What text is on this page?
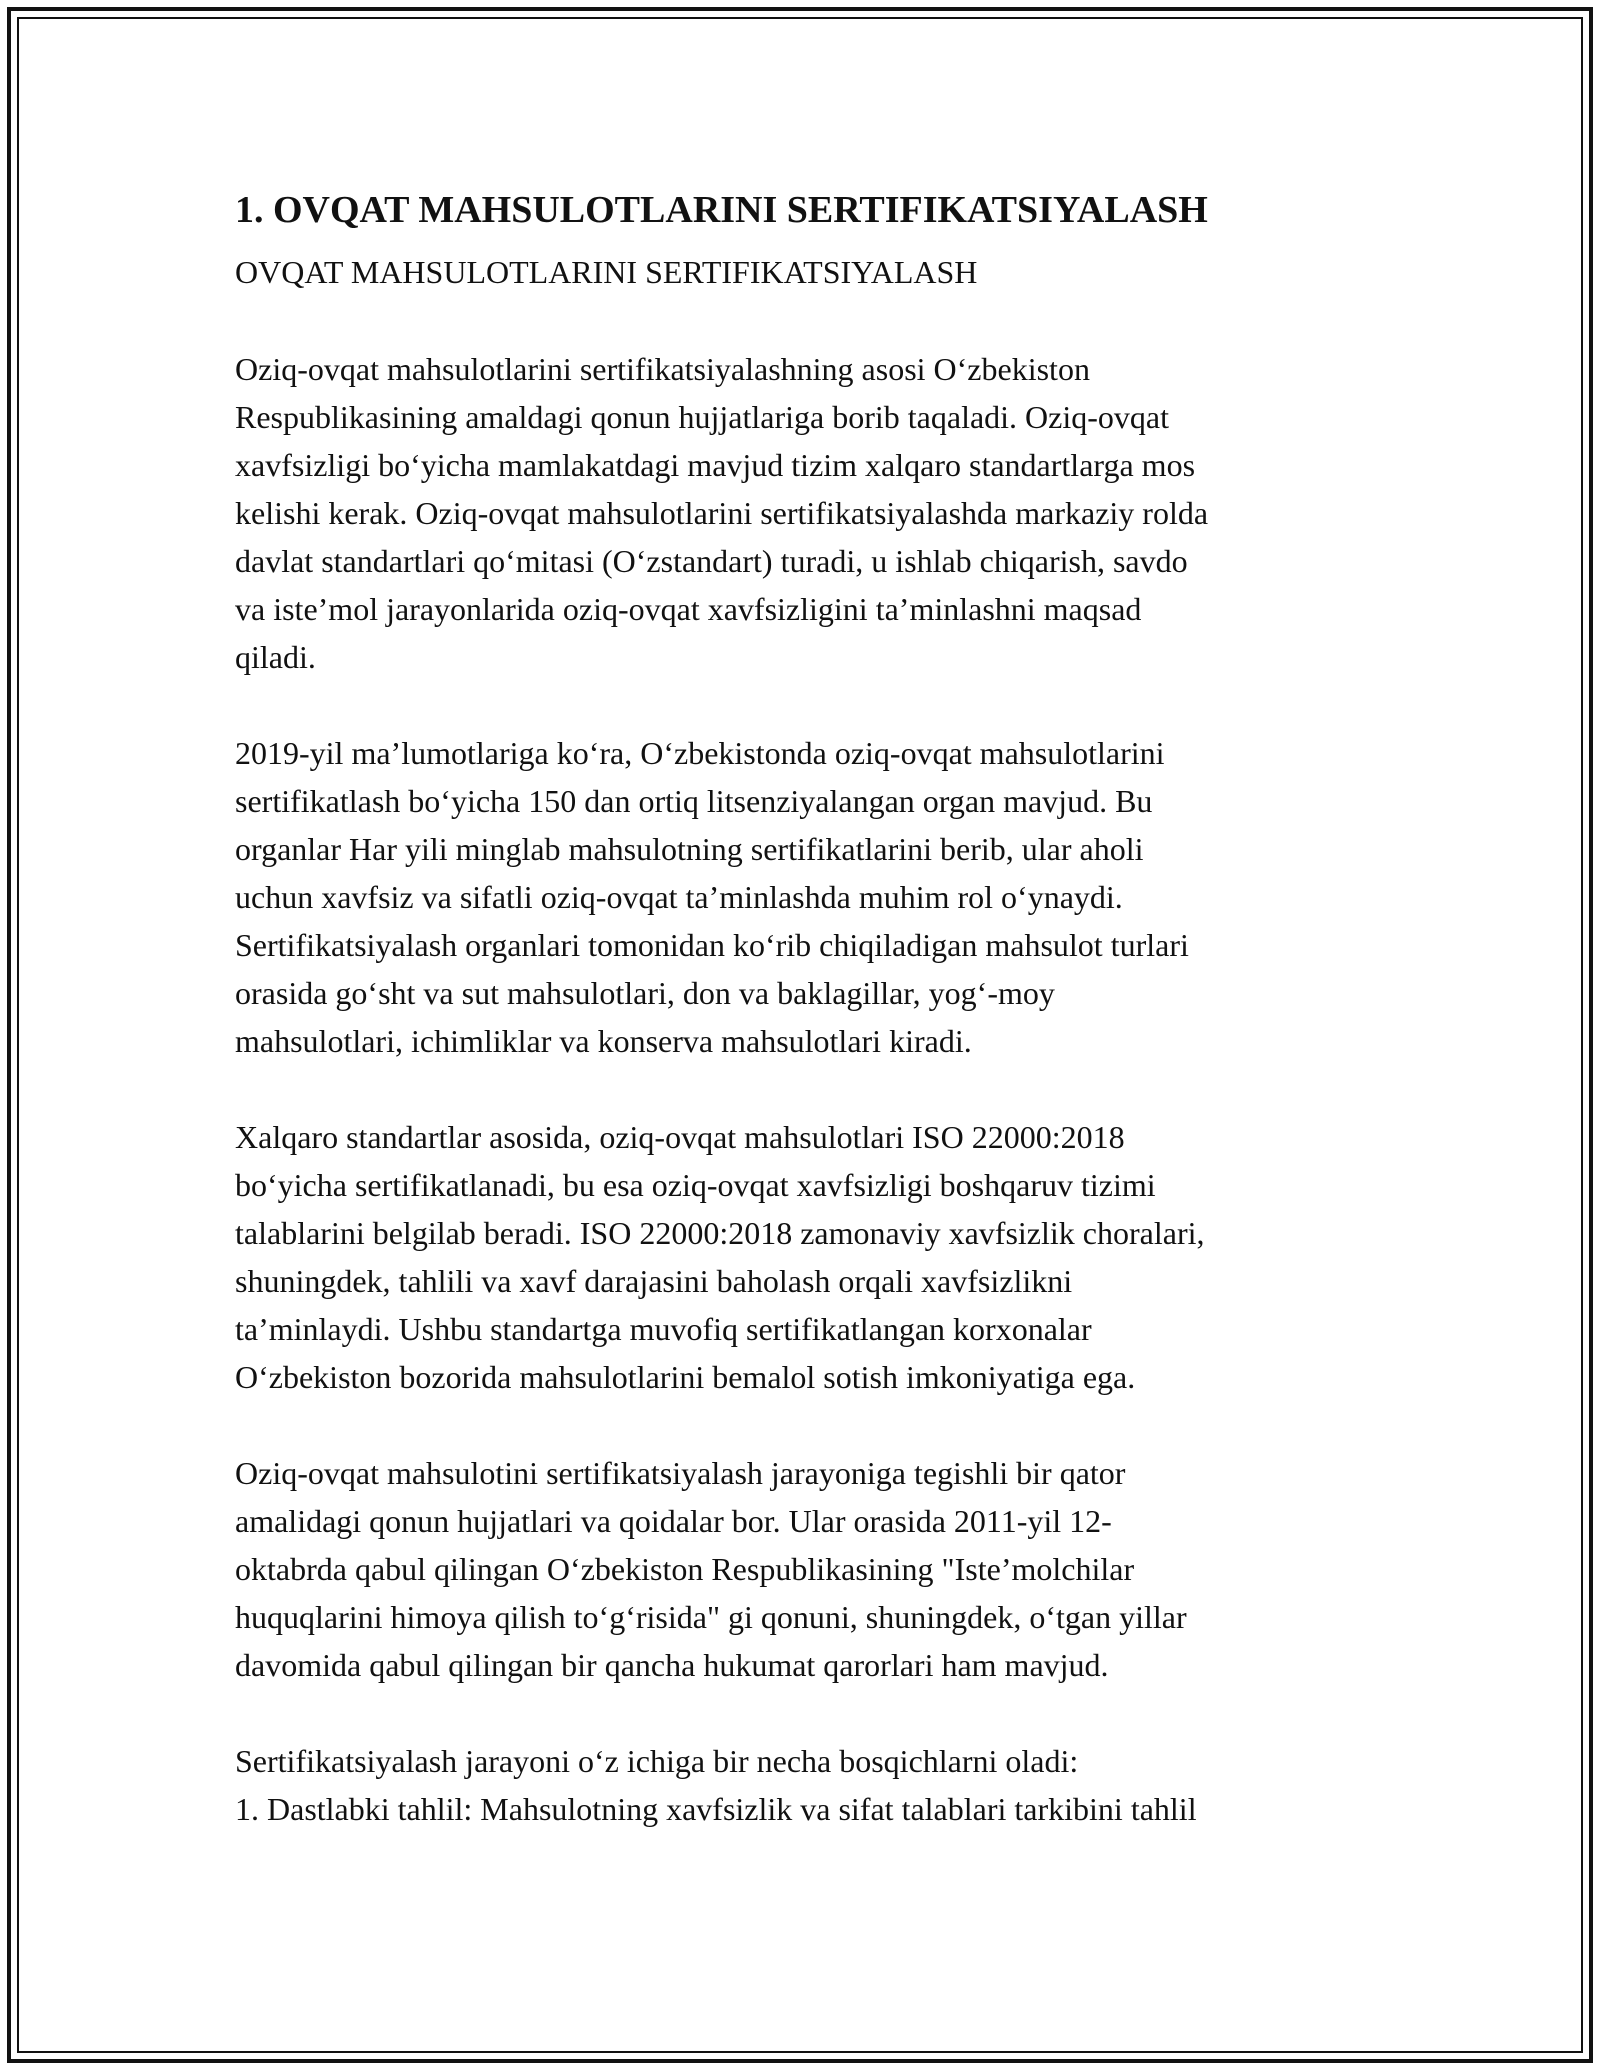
1. OVQAT MAHSULOTLARINI SERTIFIKATSIYALASH
OVQAT MAHSULOTLARINI SERTIFIKATSIYALASH

Oziq-ovqat mahsulotlarini sertifikatsiyalashning asosi O‘zbekiston
Respublikasining amaldagi qonun hujjatlariga borib taqaladi. Oziq-ovqat
xavfsizligi bo‘yicha mamlakatdagi mavjud tizim xalqaro standartlarga mos
kelishi kerak. Oziq-ovqat mahsulotlarini sertifikatsiyalashda markaziy rolda
davlat standartlari qo‘mitasi (O‘zstandart) turadi, u ishlab chiqarish, savdo
va iste’mol jarayonlarida oziq-ovqat xavfsizligini ta’minlashni maqsad
qiladi.

2019-yil ma’lumotlariga ko‘ra, O‘zbekistonda oziq-ovqat mahsulotlarini
sertifikatlash bo‘yicha 150 dan ortiq litsenziyalangan organ mavjud. Bu
organlar Har yili minglab mahsulotning sertifikatlarini berib, ular aholi
uchun xavfsiz va sifatli oziq-ovqat ta’minlashda muhim rol o‘ynaydi.
Sertifikatsiyalash organlari tomonidan ko‘rib chiqiladigan mahsulot turlari
orasida go‘sht va sut mahsulotlari, don va baklagillar, yog‘-moy
mahsulotlari, ichimliklar va konserva mahsulotlari kiradi.

Xalqaro standartlar asosida, oziq-ovqat mahsulotlari ISO 22000:2018
bo‘yicha sertifikatlanadi, bu esa oziq-ovqat xavfsizligi boshqaruv tizimi
talablarini belgilab beradi. ISO 22000:2018 zamonaviy xavfsizlik choralari,
shuningdek, tahlili va xavf darajasini baholash orqali xavfsizlikni
ta’minlaydi. Ushbu standartga muvofiq sertifikatlangan korxonalar
O‘zbekiston bozorida mahsulotlarini bemalol sotish imkoniyatiga ega.

Oziq-ovqat mahsulotini sertifikatsiyalash jarayoniga tegishli bir qator
amalidagi qonun hujjatlari va qoidalar bor. Ular orasida 2011-yil 12-
oktabrda qabul qilingan O‘zbekiston Respublikasining "Iste’molchilar
huquqlarini himoya qilish to‘g‘risida" gi qonuni, shuningdek, o‘tgan yillar
davomida qabul qilingan bir qancha hukumat qarorlari ham mavjud.

Sertifikatsiyalash jarayoni o‘z ichiga bir necha bosqichlarni oladi:
1. Dastlabki tahlil: Mahsulotning xavfsizlik va sifat talablari tarkibini tahlil
